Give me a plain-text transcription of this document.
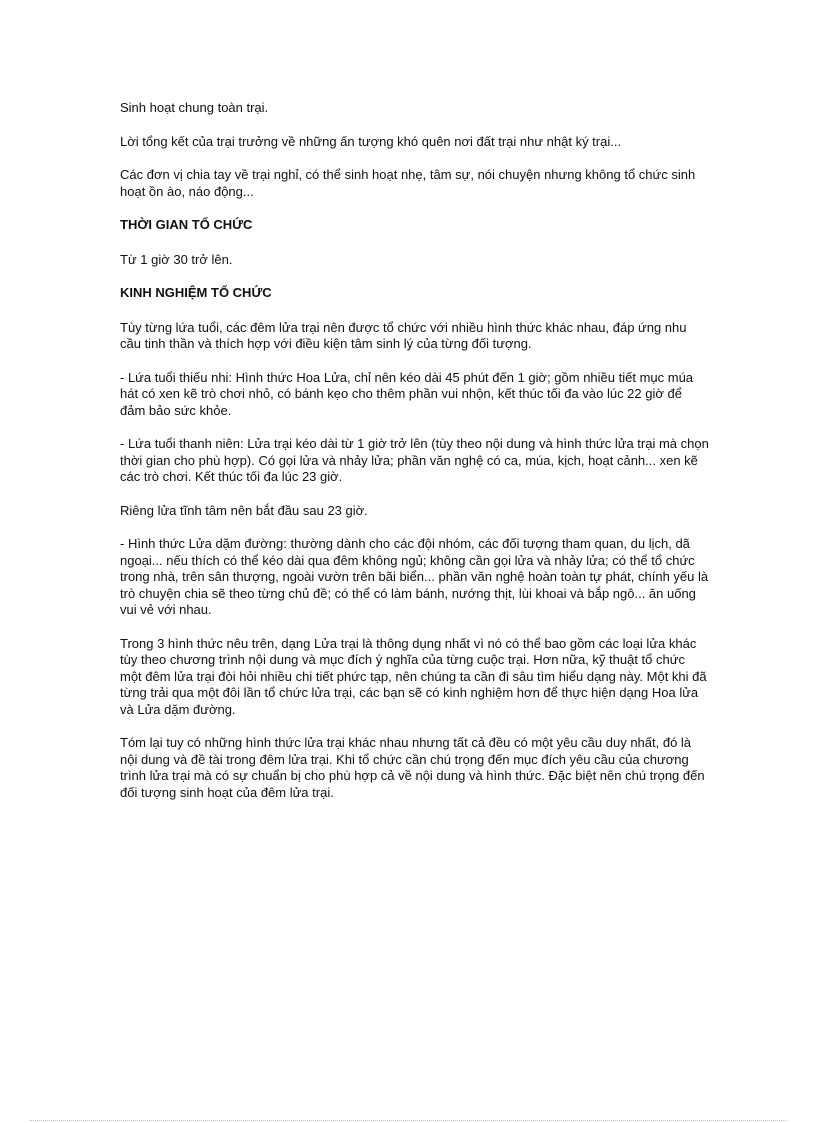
Sinh hoạt chung toàn trại.

Lời tổng kết của trại trưởng về những ấn tượng khó quên nơi đất trại như nhật ký trại...

Các đơn vị chia tay về trại nghỉ, có thể sinh hoạt nhẹ, tâm sự, nói chuyện nhưng không tổ chức sinh hoạt ồn ào, náo động...

THỜI GIAN TỔ CHỨC

Từ 1 giờ 30 trở lên.

KINH NGHIỆM TỔ CHỨC

Tùy từng lứa tuổi, các đêm lửa trại nên được tổ chức với nhiều hình thức khác nhau, đáp ứng nhu cầu tinh thần và thích hợp với điều kiện tâm sinh lý của từng đối tượng.

- Lứa tuổi thiếu nhi: Hình thức Hoa Lửa, chỉ nên kéo dài 45 phút đến 1 giờ; gồm nhiều tiết mục múa hát có xen kẽ trò chơi nhỏ, có bánh kẹo cho thêm phần vui nhộn, kết thúc tối đa vào lúc 22 giờ để đảm bảo sức khỏe.

- Lứa tuổi thanh niên: Lửa trại kéo dài từ 1 giờ trở lên (tùy theo nội dung và hình thức lửa trại mà chọn thời gian cho phù hợp). Có gọi lửa và nhảy lửa; phần văn nghệ có ca, múa, kịch, hoạt cảnh... xen kẽ các trò chơi. Kết thúc tối đa lúc 23 giờ.

Riêng lửa tĩnh tâm nên bắt đầu sau 23 giờ.

- Hình thức Lửa dặm đường: thường dành cho các đội nhóm, các đối tượng tham quan, du lịch, dã ngoại... nếu thích có thể kéo dài qua đêm không ngủ; không cần gọi lửa và nhảy lửa; có thể tổ chức trong nhà, trên sân thượng, ngoài vườn trên bãi biển... phần văn nghệ hoàn toàn tự phát, chính yếu là trò chuyện chia sẽ theo từng chủ đề; có thể có làm bánh, nướng thịt, lùi khoai và bắp ngô... ăn uống vui vẻ với nhau.

Trong 3 hình thức nêu trên, dạng Lửa trại là thông dụng nhất vì nó có thể bao gồm các loại lửa khác tùy theo chương trình nội dung và mục đích ý nghĩa của từng cuộc trại. Hơn nữa, kỹ thuật tổ chức một đêm lửa trại đòi hỏi nhiều chi tiết phức tạp, nên chúng ta cần đi sâu tìm hiểu dạng này. Một khi đã từng trải qua một đôi lần tổ chức lửa trại, các bạn sẽ có kinh nghiệm hơn để thực hiện dạng Hoa lửa và Lửa dặm đường.

Tóm lại tuy có những hình thức lửa trại khác nhau nhưng tất cả đều có một yêu cầu duy nhất, đó là nội dung và đề tài trong đêm lửa trại. Khi tổ chức cần chú trọng đến mục đích yêu cầu của chương trình lửa trại mà có sự chuẩn bị cho phù hợp cả về nội dung và hình thức. Đặc biệt nên chú trọng đến đối tượng sinh hoạt của đêm lửa trại.
